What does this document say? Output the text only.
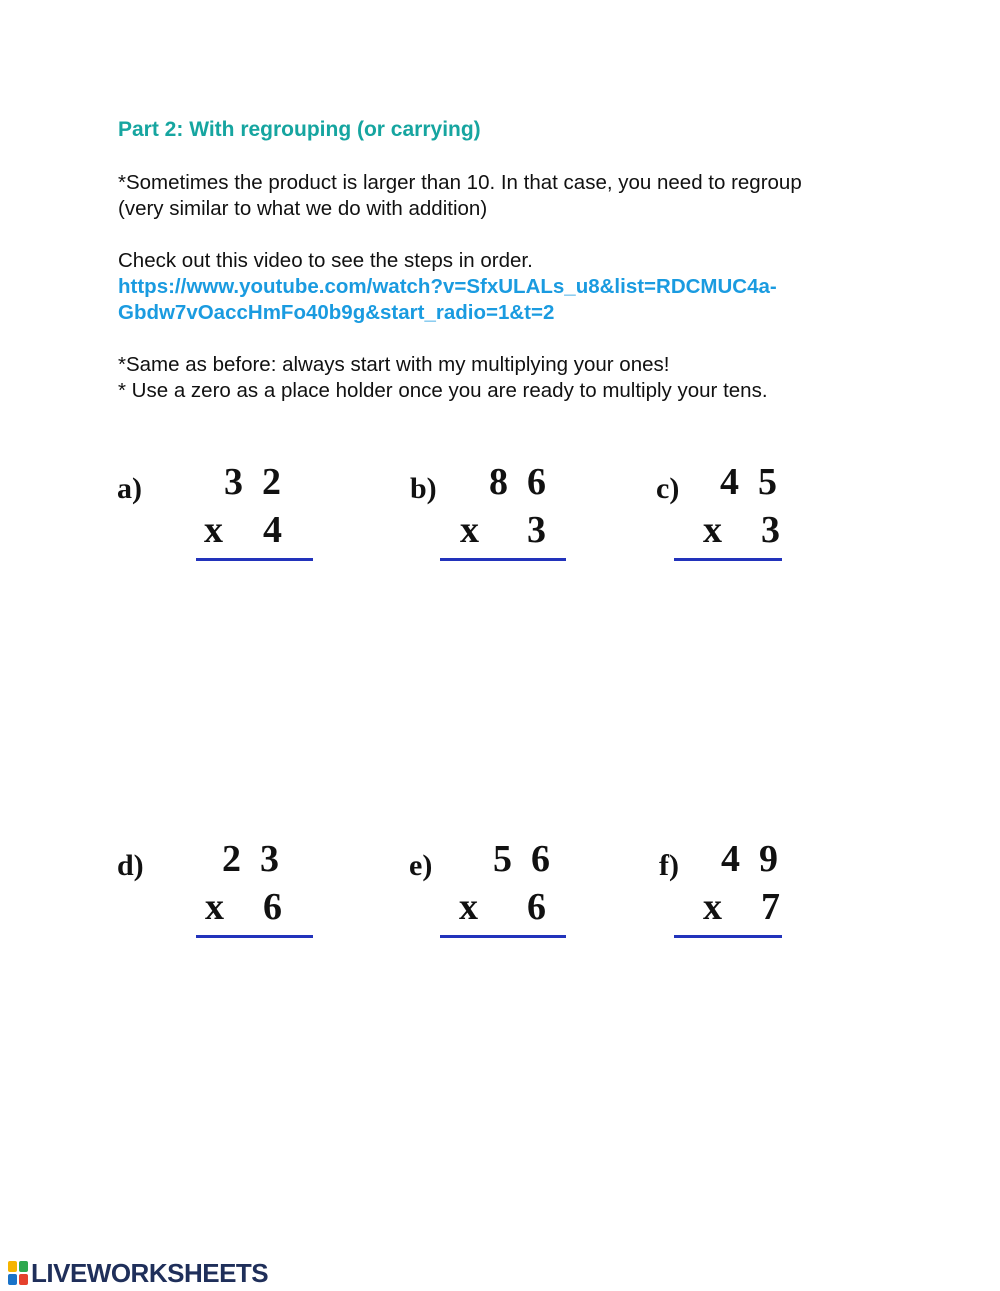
Part 2: With regrouping (or carrying)
*Sometimes the product is larger than 10. In that case, you need to regroup
(very similar to what we do with addition)
Check out this video to see the steps in order.
https://www.youtube.com/watch?v=SfxULALs_u8&list=RDCMUC4a-
Gbdw7vOaccHmFo40b9g&start_radio=1&t=2
*Same as before: always start with my multiplying your ones!
* Use a zero as a place holder once you are ready to multiply your tens.
a) 3  2
x 4
b) 8  6
x 3
c) 4  5
x 3
d) 2  3
x 6
e) 5  6
x 6
f) 4  9
x 7
LIVEWORKSHEETS
